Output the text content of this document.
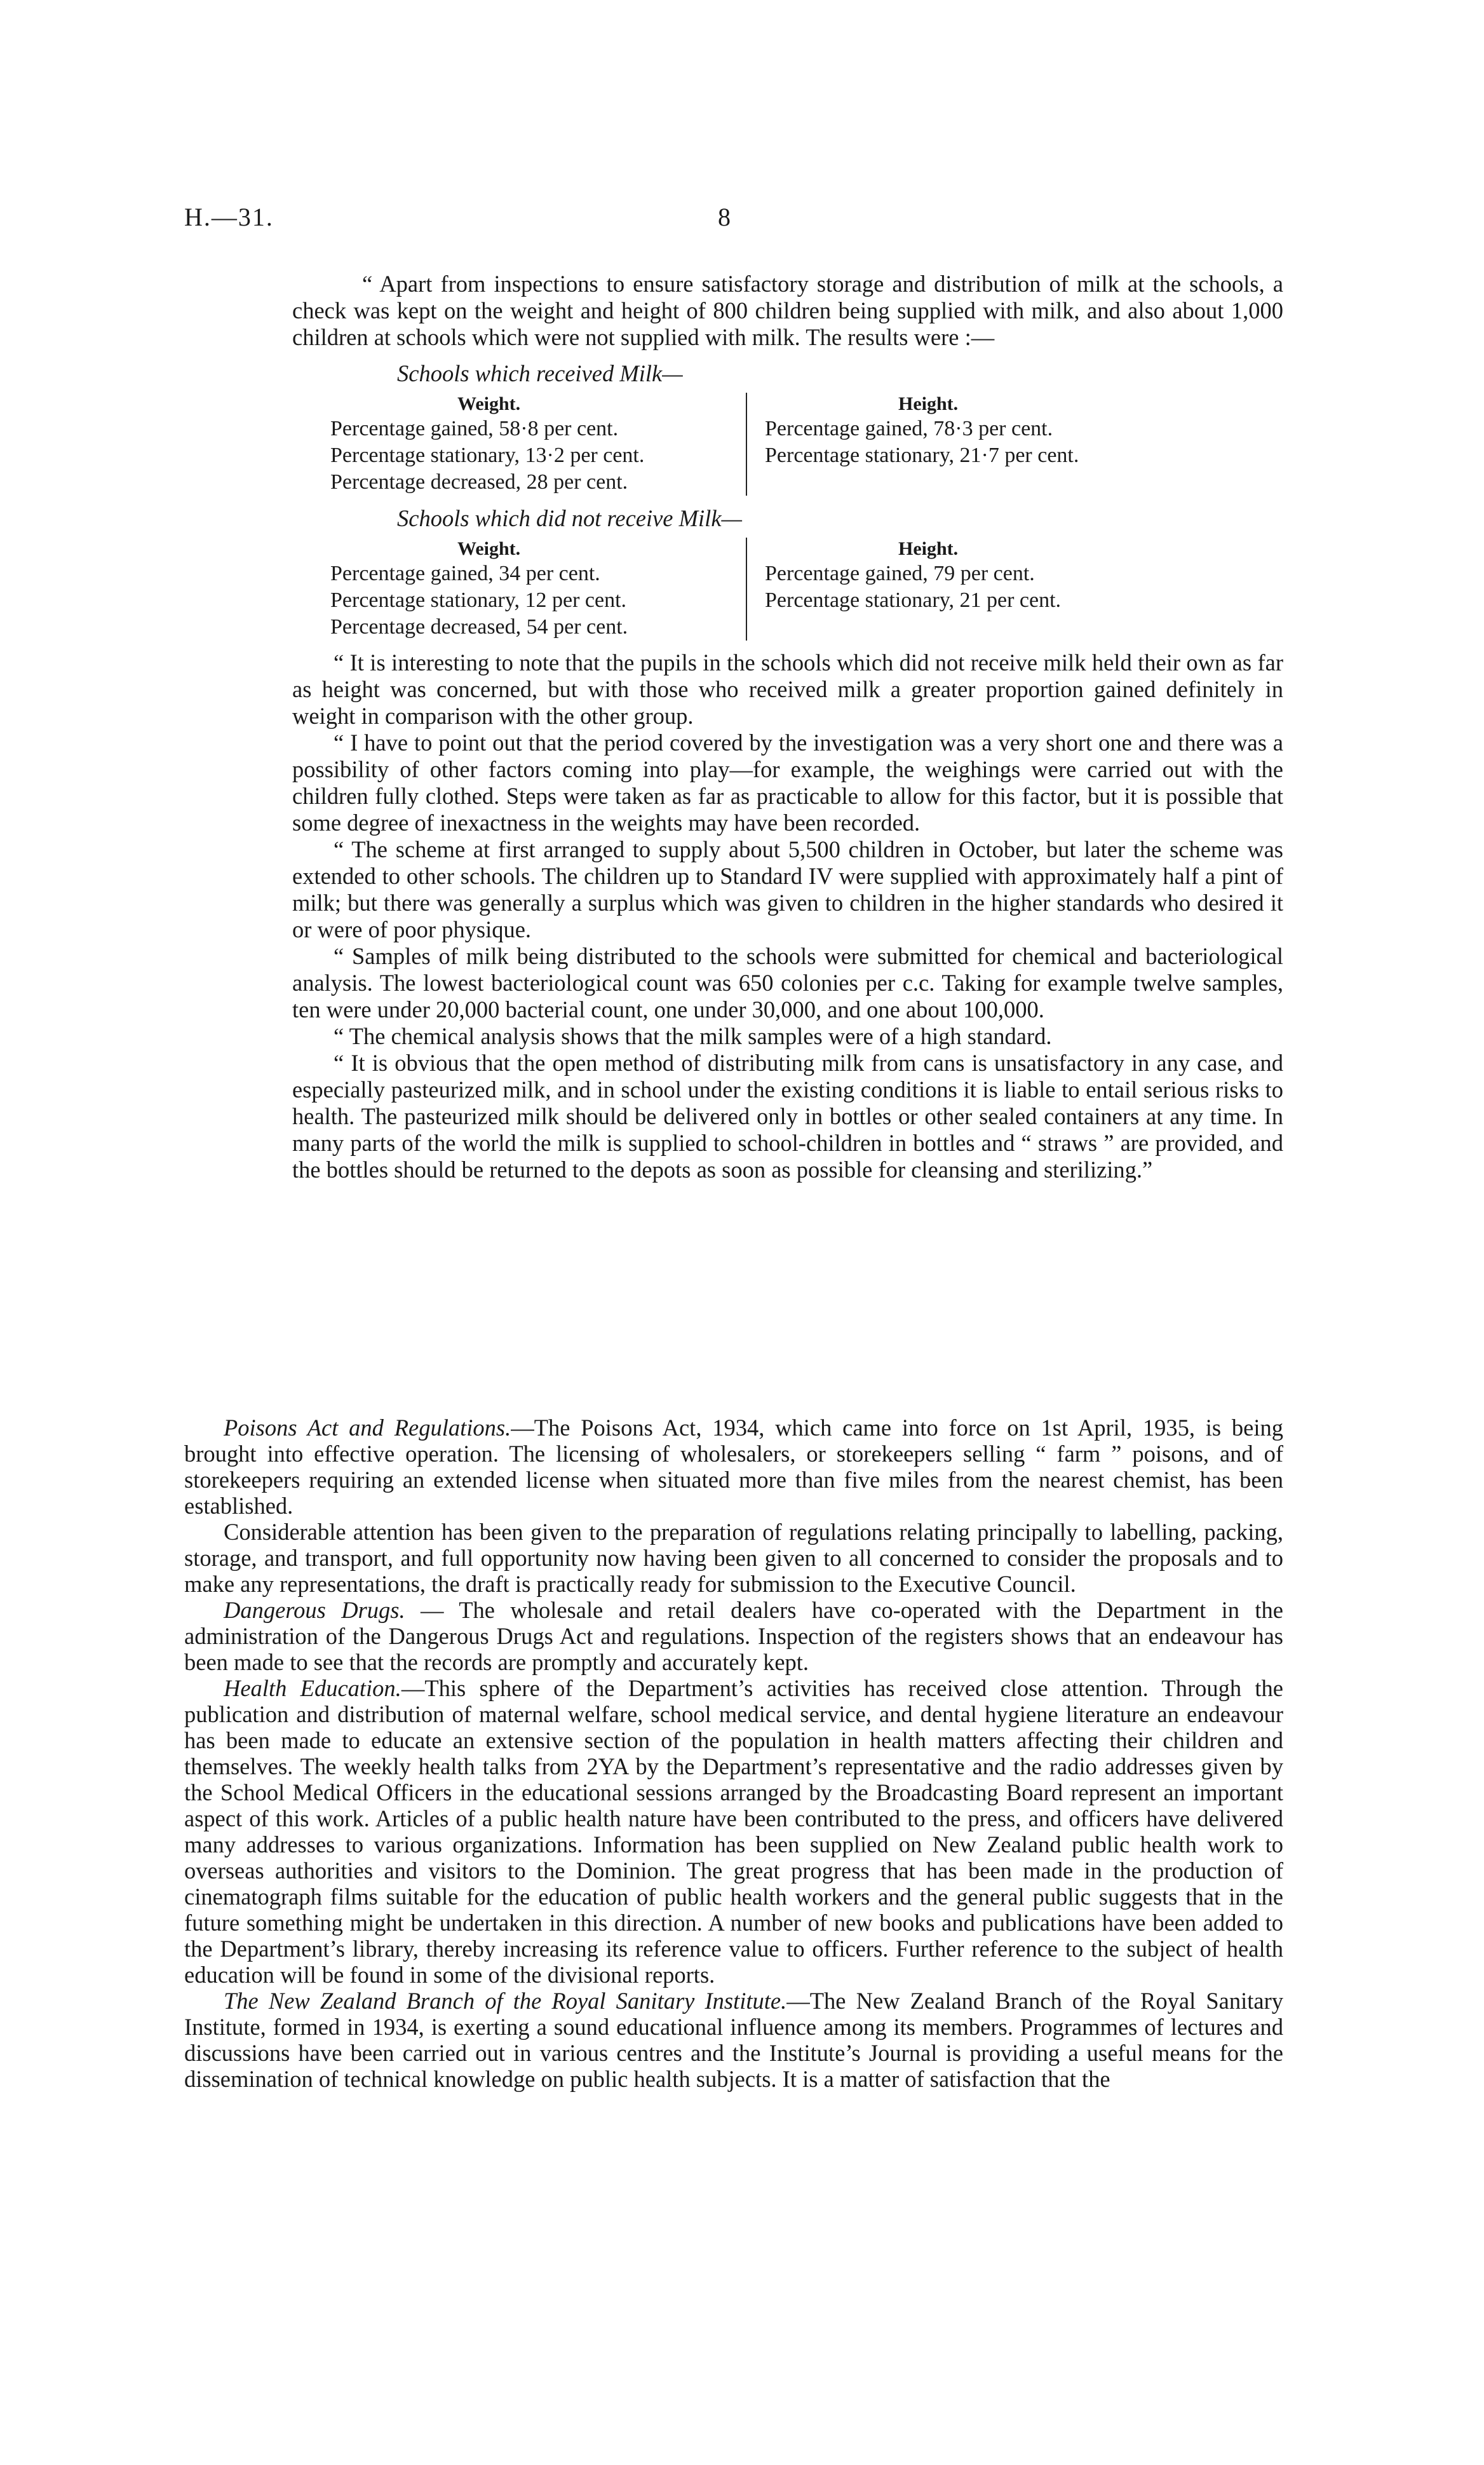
H.—31.	8

“ Apart from inspections to ensure satisfactory storage and distribution of milk at the schools, a check was kept on the weight and height of 800 children being supplied with milk, and also about 1,000 children at schools which were not supplied with milk. The results were :—

Schools which received Milk—
Weight.
Percentage gained, 58·8 per cent.
Percentage stationary, 13·2 per cent.
Percentage decreased, 28 per cent.
Height.
Percentage gained, 78·3 per cent.
Percentage stationary, 21·7 per cent.
Schools which did not receive Milk—
Weight.
Percentage gained, 34 per cent.
Percentage stationary, 12 per cent.
Percentage decreased, 54 per cent.
Height.
Percentage gained, 79 per cent.
Percentage stationary, 21 per cent.

“ It is interesting to note that the pupils in the schools which did not receive milk held their own as far as height was concerned, but with those who received milk a greater proportion gained definitely in weight in comparison with the other group.

“ I have to point out that the period covered by the investigation was a very short one and there was a possibility of other factors coming into play—for example, the weighings were carried out with the children fully clothed. Steps were taken as far as practicable to allow for this factor, but it is possible that some degree of inexactness in the weights may have been recorded.

“ The scheme at first arranged to supply about 5,500 children in October, but later the scheme was extended to other schools. The children up to Standard IV were supplied with approximately half a pint of milk; but there was generally a surplus which was given to children in the higher standards who desired it or were of poor physique.

“ Samples of milk being distributed to the schools were submitted for chemical and bacteriological analysis. The lowest bacteriological count was 650 colonies per c.c. Taking for example twelve samples, ten were under 20,000 bacterial count, one under 30,000, and one about 100,000.

“ The chemical analysis shows that the milk samples were of a high standard.

“ It is obvious that the open method of distributing milk from cans is unsatisfactory in any case, and especially pasteurized milk, and in school under the existing conditions it is liable to entail serious risks to health. The pasteurized milk should be delivered only in bottles or other sealed containers at any time. In many parts of the world the milk is supplied to school-children in bottles and “ straws ” are provided, and the bottles should be returned to the depots as soon as possible for cleansing and sterilizing.”

Poisons Act and Regulations.—The Poisons Act, 1934, which came into force on 1st April, 1935, is being brought into effective operation. The licensing of wholesalers, or storekeepers selling “ farm ” poisons, and of storekeepers requiring an extended license when situated more than five miles from the nearest chemist, has been established.

Considerable attention has been given to the preparation of regulations relating principally to labelling, packing, storage, and transport, and full opportunity now having been given to all concerned to consider the proposals and to make any representations, the draft is practically ready for submission to the Executive Council.

Dangerous Drugs. — The wholesale and retail dealers have co-operated with the Department in the administration of the Dangerous Drugs Act and regulations. Inspection of the registers shows that an endeavour has been made to see that the records are promptly and accurately kept.

Health Education.—This sphere of the Department’s activities has received close attention. Through the publication and distribution of maternal welfare, school medical service, and dental hygiene literature an endeavour has been made to educate an extensive section of the population in health matters affecting their children and themselves. The weekly health talks from 2YA by the Department’s representative and the radio addresses given by the School Medical Officers in the educational sessions arranged by the Broadcasting Board represent an important aspect of this work. Articles of a public health nature have been contributed to the press, and officers have delivered many addresses to various organizations. Information has been supplied on New Zealand public health work to overseas authorities and visitors to the Dominion. The great progress that has been made in the production of cinematograph films suitable for the education of public health workers and the general public suggests that in the future something might be undertaken in this direction. A number of new books and publications have been added to the Department’s library, thereby increasing its reference value to officers. Further reference to the subject of health education will be found in some of the divisional reports.

The New Zealand Branch of the Royal Sanitary Institute.—The New Zealand Branch of the Royal Sanitary Institute, formed in 1934, is exerting a sound educational influence among its members. Programmes of lectures and discussions have been carried out in various centres and the Institute’s Journal is providing a useful means for the dissemination of technical knowledge on public health subjects. It is a matter of satisfaction that the
